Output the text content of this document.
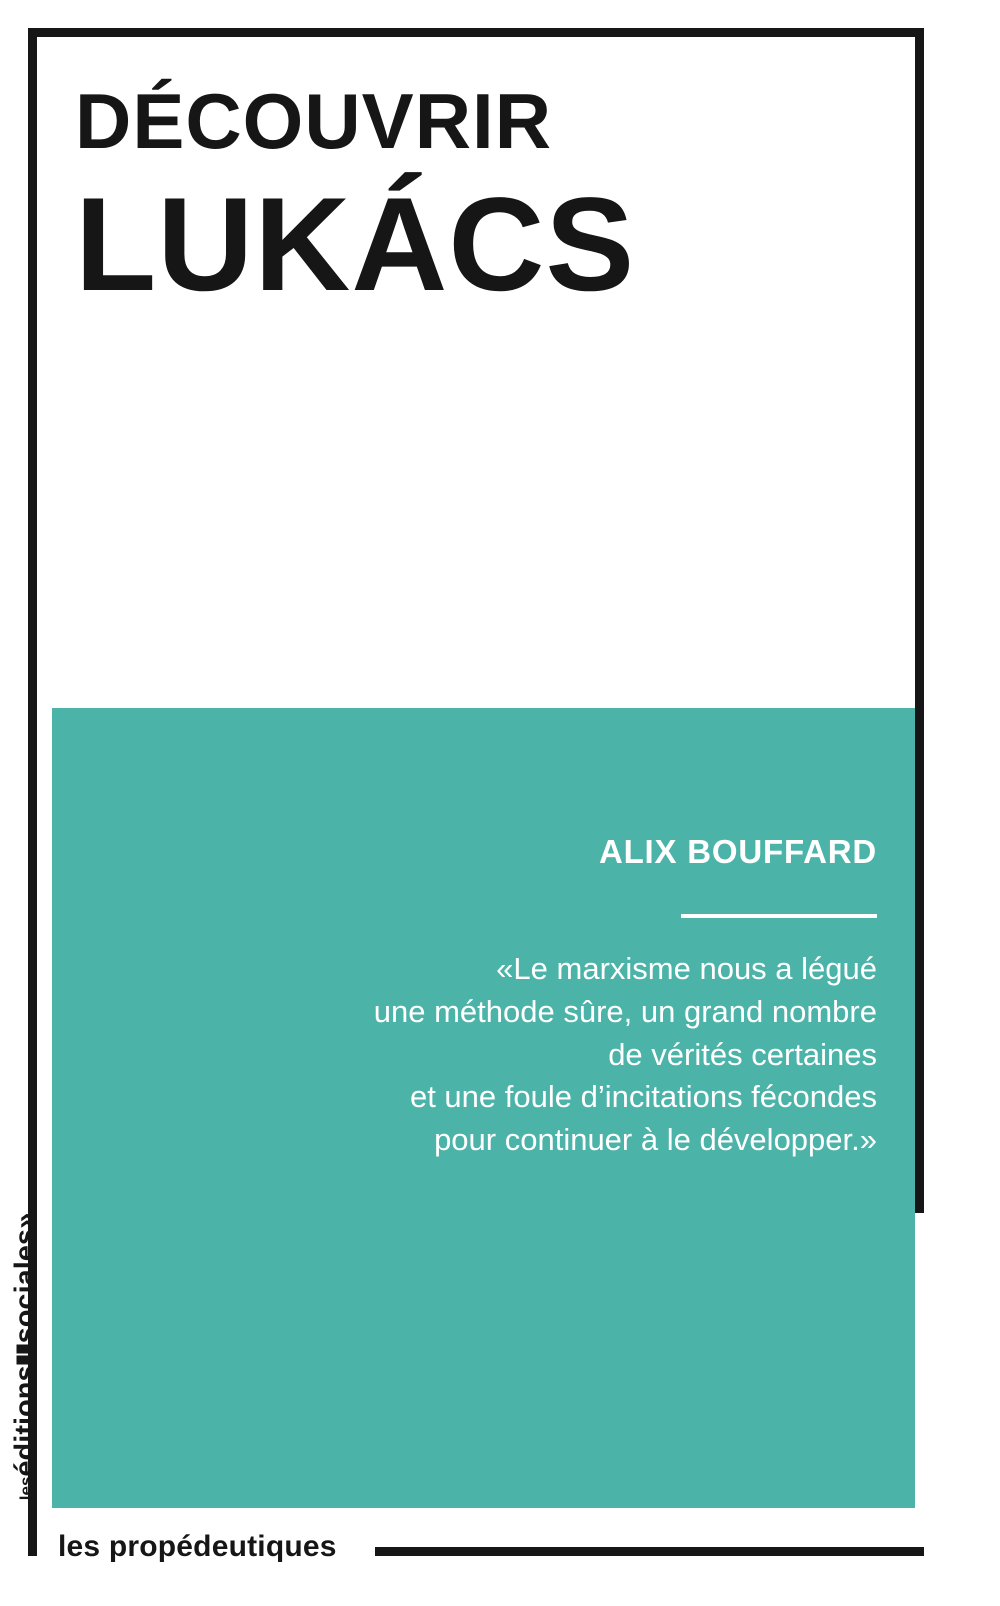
DÉCOUVRIR
LUKÁCS
ALIX BOUFFARD
«Le marxisme nous a légué
une méthode sûre, un grand nombre
de vérités certaines
et une foule d’incitations fécondes
pour continuer à le développer.»
leséditionssociales»
les propédeutiques
